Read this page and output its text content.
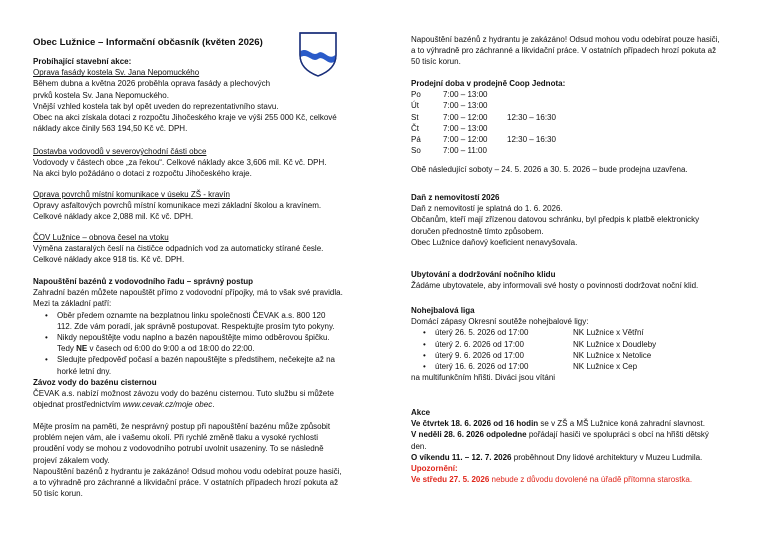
Obec Lužnice – Informační občasník (květen 2026)

Probíhající stavební akce:

Oprava fasády kostela Sv. Jana Nepomuckého

Během dubna a května 2026 proběhla oprava fasády a plechových

prvků kostela Sv. Jana Nepomuckého.

Vnější vzhled kostela tak byl opět uveden do reprezentativního stavu.

Obec na akci získala dotaci z rozpočtu Jihočeského kraje ve výši 255 000 Kč, celkové

náklady akce činily 563 194,50 Kč vč. DPH.

Dostavba vodovodů v severovýchodní části obce

Vodovody v částech obce „za řekou“. Celkové náklady akce 3,606 mil. Kč vč. DPH.

Na akci bylo požádáno o dotaci z rozpočtu Jihočeského kraje.

Oprava povrchů místní komunikace v úseku ZŠ - kravín

Opravy asfaltových povrchů místní komunikace mezi základní školou a kravínem.

Celkové náklady akce 2,088 mil. Kč vč. DPH.

ČOV Lužnice – obnova česel na vtoku

Výměna zastaralých česlí na čističce odpadních vod za automaticky stírané česle.

Celkové náklady akce 918 tis. Kč vč. DPH.

Napouštění bazénů z vodovodního řadu – správný postup

Zahradní bazén můžete napouštět přímo z vodovodní přípojky, má to však své pravidla.

Mezi ta základní patří:

• Oběr předem oznamte na bezplatnou linku společnosti ČEVAK a.s. 800 120
112. Zde vám poradí, jak správně postupovat. Respektujte prosím tyto pokyny.
• Nikdy nepouštějte vodu naplno a bazén napouštějte mimo odběrovou špičku.
Tedy NE v časech od 6:00 do 9:00 a od 18:00 do 22:00.
• Sledujte předpověď počasí a bazén napouštějte s předstihem, nečekejte až na
horké letní dny.

Závoz vody do bazénu cisternou

ČEVAK a.s. nabízí možnost závozu vody do bazénu cisternou. Tuto službu si můžete

objednat prostřednictvím www.cevak.cz/moje obec.

Mějte prosím na paměti, že nesprávný postup při napouštění bazénu může způsobit

problém nejen vám, ale i vašemu okolí. Při rychlé změně tlaku a vysoké rychlosti

proudění vody se mohou z vodovodního potrubí uvolnit usazeniny. To se následně

projeví zákalem vody.

Napouštění bazénů z hydrantu je zakázáno! Odsud mohou vodu odebírat pouze hasiči,

a to výhradně pro záchranné a likvidační práce. V ostatních případech hrozí pokuta až

50 tisíc korun.

Napouštění bazénů z hydrantu je zakázáno! Odsud mohou vodu odebírat pouze hasiči,

a to výhradně pro záchranné a likvidační práce. V ostatních případech hrozí pokuta až

50 tisíc korun.

Prodejní doba v prodejně Coop Jednota:

Po	7:00 – 13:00	
Út	7:00 – 13:00	
St	7:00 – 12:00	12:30 – 16:30
Čt	7:00 – 13:00	
Pá	7:00 – 12:00	12:30 – 16:30
So	7:00 – 11:00	

Obě následující soboty – 24. 5. 2026 a 30. 5. 2026 – bude prodejna uzavřena.

Daň z nemovitostí 2026

Daň z nemovitostí je splatná do 1. 6. 2026.

Občanům, kteří mají zřízenou datovou schránku, byl předpis k platbě elektronicky

doručen přednostně tímto způsobem.

Obec Lužnice daňový koeficient nenavyšovala.

Ubytování a dodržování nočního klidu

Žádáme ubytovatele, aby informovali své hosty o povinnosti dodržovat noční klid.

Nohejbalová liga

Domácí zápasy Okresní soutěže nohejbalové ligy:

•	úterý 26. 5. 2026 od 17:00	NK Lužnice x Větřní
•	úterý 2. 6. 2026 od 17:00	NK Lužnice x Doudleby
•	úterý 9. 6. 2026 od 17:00	NK Lužnice x Netolice
•	úterý 16. 6. 2026 od 17:00	NK Lužnice x Cep

na multifunkčním hřišti. Diváci jsou vítáni

Akce

Ve čtvrtek 18. 6. 2026 od 16 hodin se v ZŠ a MŠ Lužnice koná zahradní slavnost.

V neděli 28. 6. 2026 odpoledne pořádají hasiči ve spolupráci s obcí na hřišti dětský

den.

O víkendu 11. – 12. 7. 2026 proběhnout Dny lidové architektury v Muzeu Ludmila.

Upozornění:

Ve středu 27. 5. 2026 nebude z důvodu dovolené na úřadě přítomna starostka.
